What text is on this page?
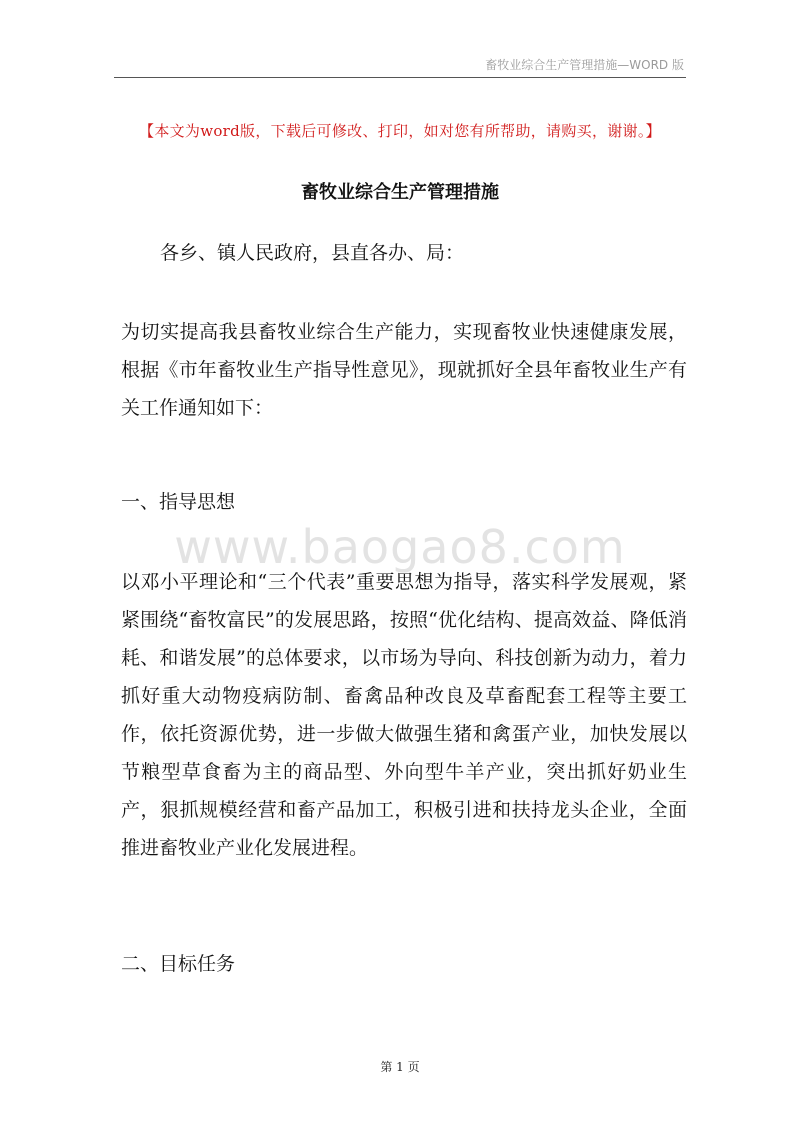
畜牧业综合生产管理措施—WORD 版
【本文为word版，下载后可修改、打印，如对您有所帮助，请购买，谢谢。】
畜牧业综合生产管理措施
各乡、镇人民政府，县直各办、局：
为切实提高我县畜牧业综合生产能力，实现畜牧业快速健康发展，根据《市年畜牧业生产指导性意见》，现就抓好全县年畜牧业生产有关工作通知如下：
一、指导思想
www.baogao8.com
以邓小平理论和“三个代表”重要思想为指导，落实科学发展观，紧紧围绕“畜牧富民”的发展思路，按照“优化结构、提高效益、降低消耗、和谐发展”的总体要求，以市场为导向、科技创新为动力，着力抓好重大动物疫病防制、畜禽品种改良及草畜配套工程等主要工作，依托资源优势，进一步做大做强生猪和禽蛋产业，加快发展以节粮型草食畜为主的商品型、外向型牛羊产业，突出抓好奶业生产，狠抓规模经营和畜产品加工，积极引进和扶持龙头企业，全面推进畜牧业产业化发展进程。
二、目标任务
第 1 页
